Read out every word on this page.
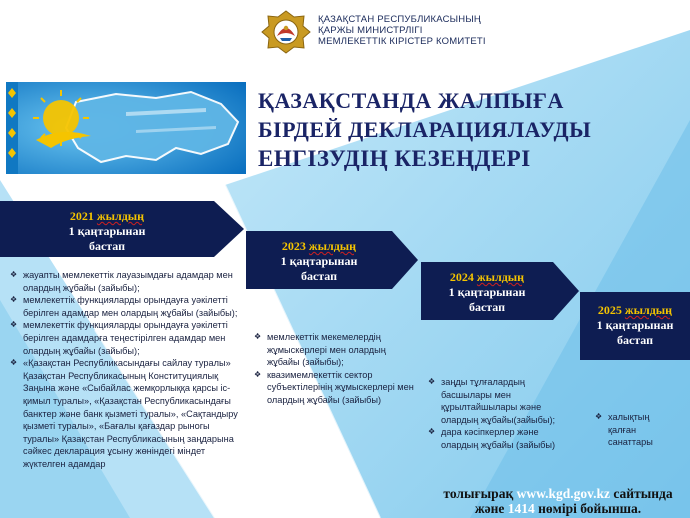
ҚАЗАҚСТАН РЕСПУБЛИКАСЫНЫҢ
ҚАРЖЫ МИНИСТРЛІГІ
МЕМЛЕКЕТТІК КІРІСТЕР КОМИТЕТІ
ҚАЗАҚСТАНДА ЖАЛПЫҒА
БІРДЕЙ ДЕКЛАРАЦИЯЛАУДЫ
ЕНГІЗУДІҢ КЕЗЕҢДЕРІ
2021 жылдың
1 қаңтарынан
бастап	2023 жылдың
1 қаңтарынан
бастап	2024 жылдың
1 қаңтарынан
бастап	2025 жылдың
1 қаңтарынан
бастап
❖ жауапты мемлекеттік лауазымдағы адамдар мен олардың жұбайы (зайыбы);
❖ мемлекеттік функцияларды орындауға уәкілетті берілген адамдар мен олардың жұбайы (зайыбы);
❖ мемлекеттік функцияларды орындауға уәкілетті берілген адамдарға теңестірілген адамдар мен олардың жұбайы (зайыбы);
❖ «Қазақстан Республикасындағы сайлау туралы» Қазақстан Республикасының Конституциялық Заңына және «Сыбайлас жемқорлыққа қарсы іс-қимыл туралы», «Қазақстан Республикасындағы банктер және банк қызметі туралы», «Сақтандыру қызметі туралы», «Бағалы қағаздар рыногы туралы» Қазақстан Республикасының заңдарына сәйкес декларация ұсыну жөніндегі міндет жүктелген адамдар
❖ мемлекеттік мекемелердің жұмыскерлері мен олардың жұбайы (зайыбы);
❖ квазимемлекеттік сектор субъектілерінің жұмыскерлері мен олардың жұбайы (зайыбы)
❖ заңды тұлғалардың басшылары мен құрылтайшылары және олардың жұбайы(зайыбы);
❖ дара кәсіпкерлер және олардың жұбайы (зайыбы)
❖ халықтың қалған санаттары
толығырақ www.kgd.gov.kz сайтында
және 1414 нөмірі бойынша.
